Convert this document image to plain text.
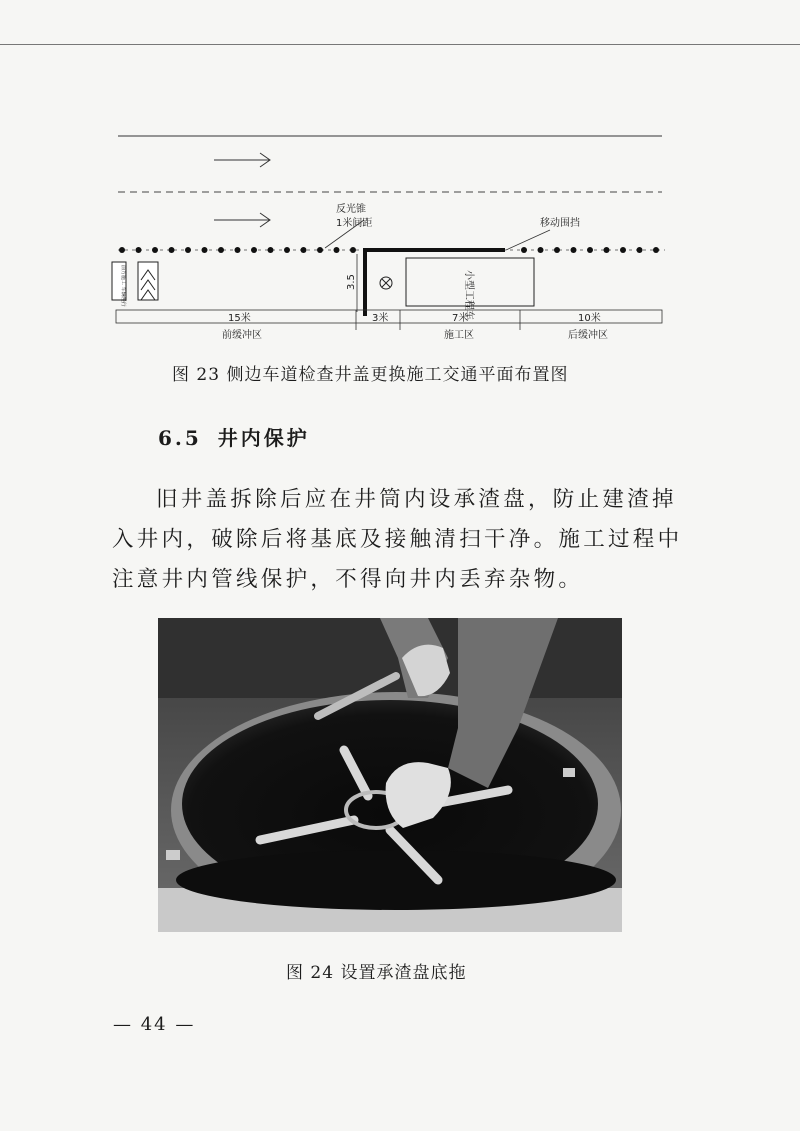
反光锥
1米间距	移动围挡
3.5	小型工程车
前方施工 车辆慢行
15米	3米	7米	10米
前缓冲区	施工区	后缓冲区
图 23 侧边车道检查井盖更换施工交通平面布置图
6.5 井内保护
旧井盖拆除后应在井筒内设承渣盘，防止建渣掉
入井内，破除后将基底及接触清扫干净。施工过程中
注意井内管线保护，不得向井内丢弃杂物。
图 24 设置承渣盘底拖
— 44 —
